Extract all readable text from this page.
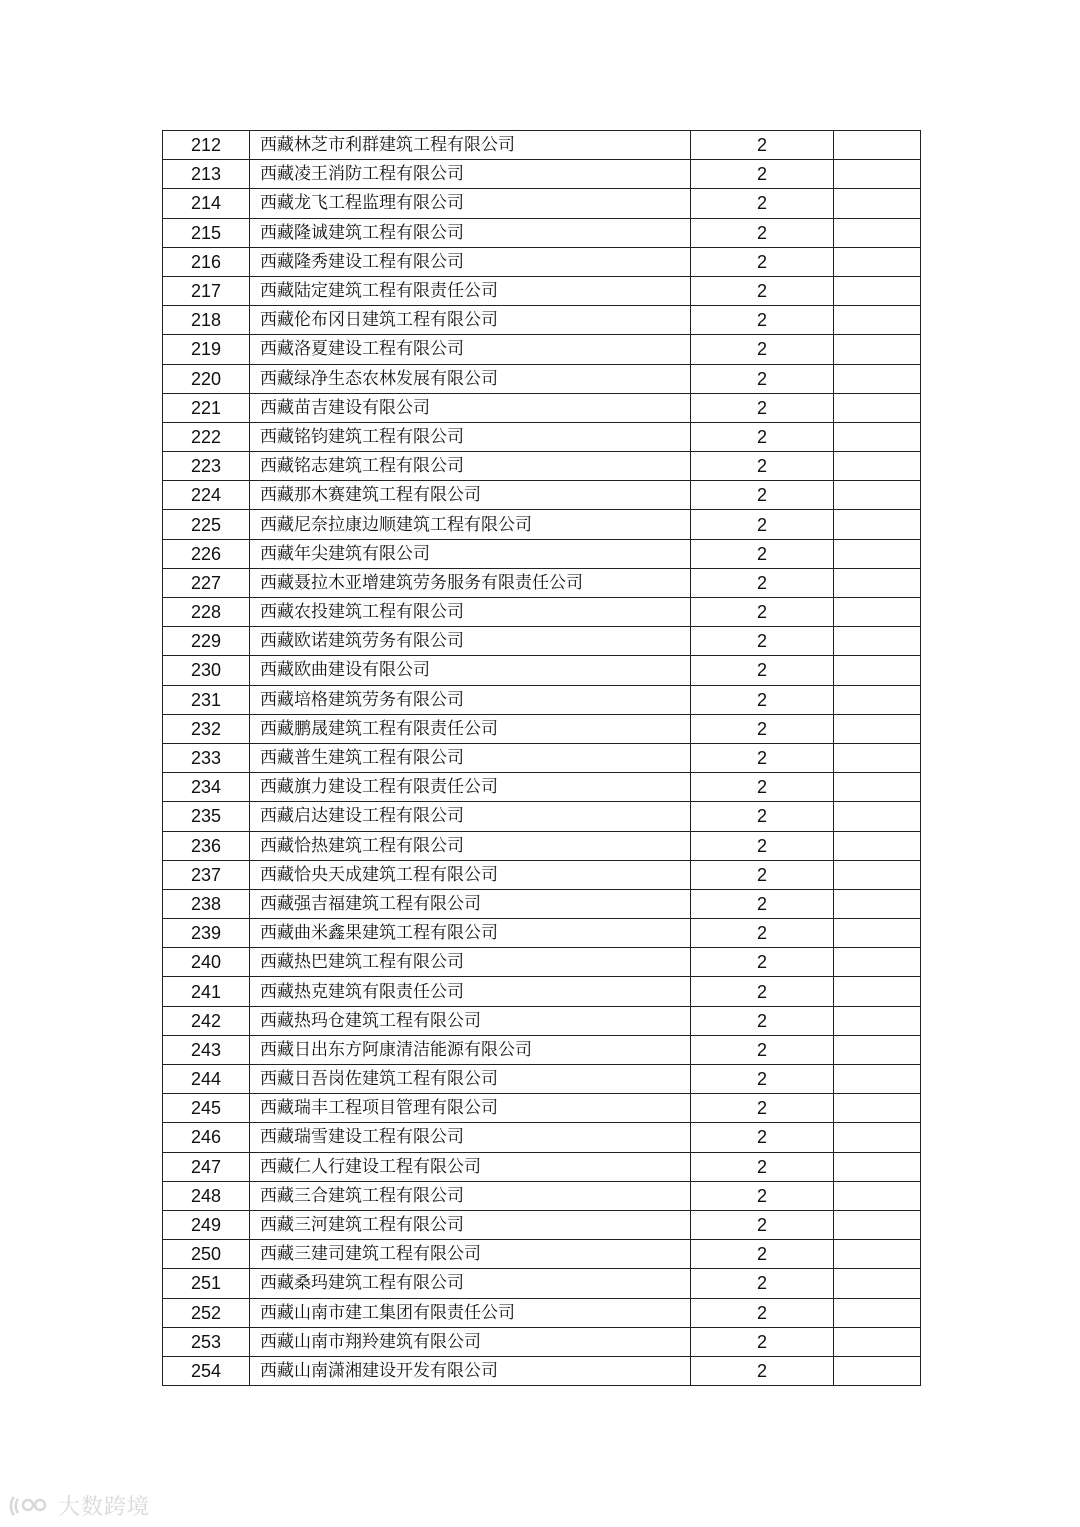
212	西藏林芝市利群建筑工程有限公司	2	
213	西藏凌王消防工程有限公司	2	
214	西藏龙飞工程监理有限公司	2	
215	西藏隆诚建筑工程有限公司	2	
216	西藏隆秀建设工程有限公司	2	
217	西藏陆定建筑工程有限责任公司	2	
218	西藏伦布冈日建筑工程有限公司	2	
219	西藏洛夏建设工程有限公司	2	
220	西藏绿净生态农林发展有限公司	2	
221	西藏苗吉建设有限公司	2	
222	西藏铭钧建筑工程有限公司	2	
223	西藏铭志建筑工程有限公司	2	
224	西藏那木赛建筑工程有限公司	2	
225	西藏尼奈拉康边顺建筑工程有限公司	2	
226	西藏年尖建筑有限公司	2	
227	西藏聂拉木亚增建筑劳务服务有限责任公司	2	
228	西藏农投建筑工程有限公司	2	
229	西藏欧诺建筑劳务有限公司	2	
230	西藏欧曲建设有限公司	2	
231	西藏培格建筑劳务有限公司	2	
232	西藏鹏晟建筑工程有限责任公司	2	
233	西藏普生建筑工程有限公司	2	
234	西藏旗力建设工程有限责任公司	2	
235	西藏启达建设工程有限公司	2	
236	西藏恰热建筑工程有限公司	2	
237	西藏恰央天成建筑工程有限公司	2	
238	西藏强吉福建筑工程有限公司	2	
239	西藏曲米鑫果建筑工程有限公司	2	
240	西藏热巴建筑工程有限公司	2	
241	西藏热克建筑有限责任公司	2	
242	西藏热玛仓建筑工程有限公司	2	
243	西藏日出东方阿康清洁能源有限公司	2	
244	西藏日吾岗佐建筑工程有限公司	2	
245	西藏瑞丰工程项目管理有限公司	2	
246	西藏瑞雪建设工程有限公司	2	
247	西藏仁人行建设工程有限公司	2	
248	西藏三合建筑工程有限公司	2	
249	西藏三河建筑工程有限公司	2	
250	西藏三建司建筑工程有限公司	2	
251	西藏桑玛建筑工程有限公司	2	
252	西藏山南市建工集团有限责任公司	2	
253	西藏山南市翔羚建筑有限公司	2	
254	西藏山南潇湘建设开发有限公司	2	
大数跨境
